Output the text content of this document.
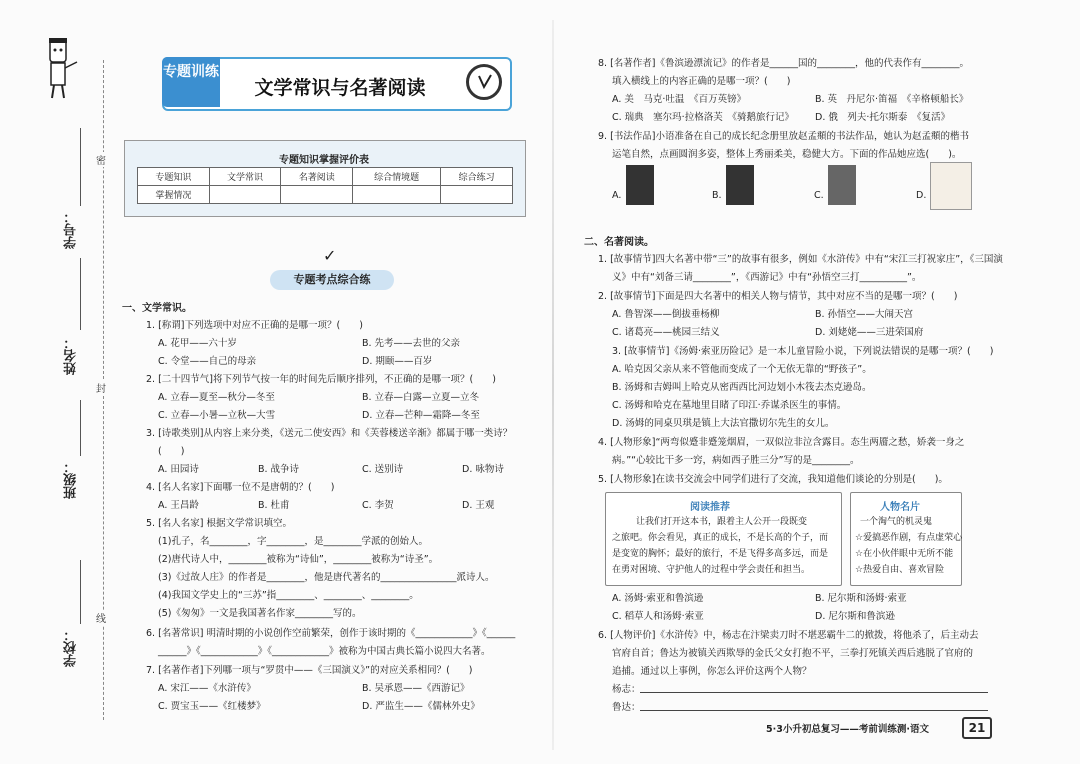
学校：
班级：
姓名：
学号：
密
封
线
专题训练
文学常识与名著阅读
专题知识掌握评价表
专题知识	文学常识	名著阅读	综合情境题	综合练习
掌握情况				
✓
专题考点综合练
一、文学常识。
1. [称谓]下列选项中对应不正确的是哪一项？(　　)
A. 花甲——六十岁	B. 先考——去世的父亲
C. 令堂——自己的母亲	D. 期颐——百岁
2. [二十四节气]将下列节气按一年的时间先后顺序排列，不正确的是哪一项？(　　)
A. 立春—夏至—秋分—冬至	B. 立春—白露—立夏—立冬
C. 立春—小暑—立秋—大雪	D. 立春—芒种—霜降—冬至
3. [诗歌类别]从内容上来分类，《送元二使安西》和《芙蓉楼送辛渐》都属于哪一类诗？
(　　)
A. 田园诗	B. 战争诗	C. 送别诗	D. 咏物诗
4. [名人名家]下面哪一位不是唐朝的？(　　)
A. 王昌龄	B. 杜甫	C. 李贺	D. 王观
5. [名人名家] 根据文学常识填空。
(1)孔子，名________，字________，是________学派的创始人。
(2)唐代诗人中，________被称为“诗仙”，________被称为“诗圣”。
(3)《过故人庄》的作者是________，他是唐代著名的________________派诗人。
(4)我国文学史上的“三苏”指________、________、________。
(5)《匆匆》一文是我国著名作家________写的。
6. [名著常识] 明清时期的小说创作空前繁荣，创作于该时期的《____________》《______
______》《____________》《____________》被称为中国古典长篇小说四大名著。
7. [名著作者]下列哪一项与“罗贯中——《三国演义》”的对应关系相同？(　　)
A. 宋江——《水浒传》	B. 吴承恩——《西游记》
C. 贾宝玉——《红楼梦》	D. 严监生——《儒林外史》
8. [名著作者]《鲁滨逊漂流记》的作者是______国的________，他的代表作有________。
填入横线上的内容正确的是哪一项？(　　)
A. 美　马克·吐温　《百万英镑》	B. 英　丹尼尔·笛福　《辛格顿船长》
C. 瑞典　塞尔玛·拉格洛芙　《骑鹅旅行记》 D. 俄　列夫·托尔斯泰　《复活》
9. [书法作品]小语准备在自己的成长纪念册里放赵孟頫的书法作品，她认为赵孟頫的楷书
运笔自然，点画圆润多姿，整体上秀丽柔美，稳健大方。下面的作品她应选(　　)。
A.	B.	C.	D.
二、名著阅读。
1. [故事情节]四大名著中带“三”的故事有很多，例如《水浒传》中有“宋江三打祝家庄”，《三国演
义》中有“刘备三请________”，《西游记》中有“孙悟空三打__________”。
2. [故事情节]下面是四大名著中的相关人物与情节，其中对应不当的是哪一项？(　　)
A. 鲁智深——倒拔垂杨柳	B. 孙悟空——大闹天宫
C. 诸葛亮——桃园三结义	D. 刘姥姥——三进荣国府
3. [故事情节]《汤姆·索亚历险记》是一本儿童冒险小说，下列说法错误的是哪一项？(　　)
A. 哈克因父亲从来不管他而变成了一个无依无靠的“野孩子”。
B. 汤姆和吉姆叫上哈克从密西西比河边划小木筏去杰克逊岛。
C. 汤姆和哈克在墓地里目睹了印江·乔谋杀医生的事情。
D. 汤姆的同桌贝琪是镇上大法官撒切尔先生的女儿。
4. [人物形象]“两弯似蹙非蹙笼烟眉，一双似泣非泣含露目。态生两靥之愁，娇袭一身之
病。”“心较比干多一窍，病如西子胜三分”写的是________。
5. [人物形象]在读书交流会中同学们进行了交流，我知道他们谈论的分别是(　　)。
阅读推荐
让我们打开这本书，跟着主人公开一段既变
之旅吧。你会看见，真正的成长，不是长高的个子，而
是变宽的胸怀；最好的旅行，不是飞得多高多远，而是
在勇对困境、守护他人的过程中学会责任和担当。
人物名片
一个淘气的机灵鬼
☆爱搞恶作剧，有点虚荣心
☆在小伙伴眼中无所不能
☆热爱自由、喜欢冒险
A. 汤姆·索亚和鲁滨逊	B. 尼尔斯和汤姆·索亚
C. 稻草人和汤姆·索亚	D. 尼尔斯和鲁滨逊
6. [人物评价]《水浒传》中，杨志在汴梁卖刀时不堪恶霸牛二的掀拨，将他杀了，后主动去
官府自首；鲁达为被镇关西欺辱的金氏父女打抱不平，三拳打死镇关西后逃脱了官府的
追捕。通过以上事例，你怎么评价这两个人物？
杨志：
鲁达：
5·3小升初总复习——考前训练测·语文	21
